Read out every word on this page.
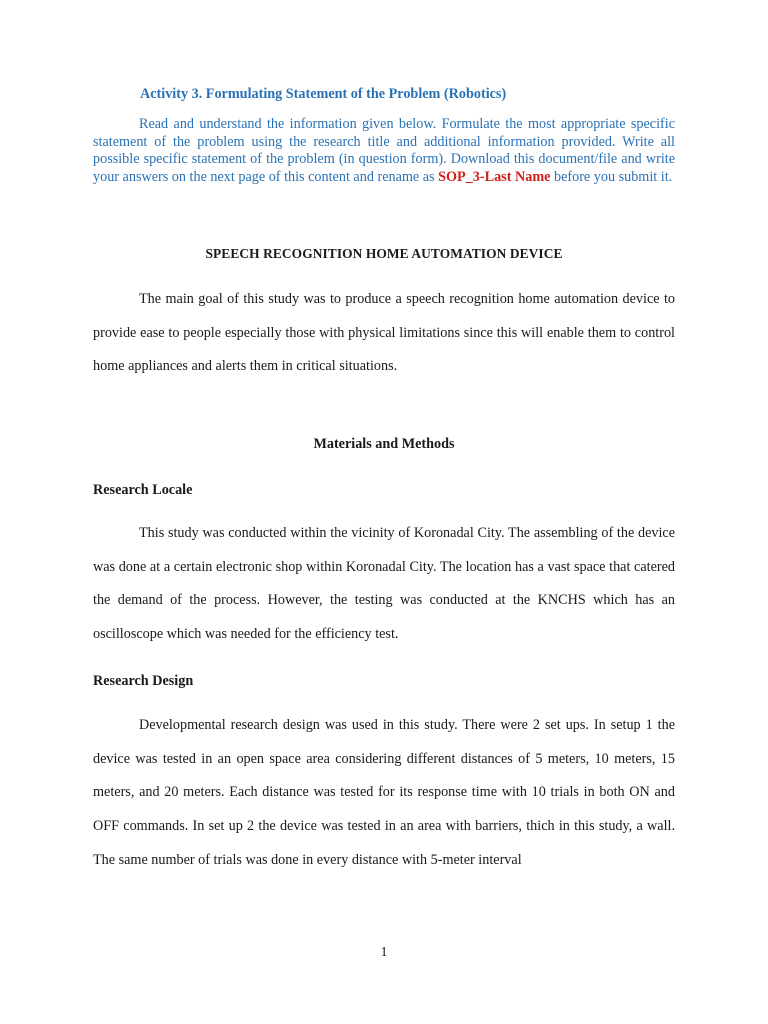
Activity 3. Formulating Statement of the Problem (Robotics)
Read and understand the information given below. Formulate the most appropriate specific statement of the problem using the research title and additional information provided. Write all possible specific statement of the problem (in question form). Download this document/file and write your answers on the next page of this content and rename as SOP_3-Last Name before you submit it.
SPEECH RECOGNITION HOME AUTOMATION DEVICE
The main goal of this study was to produce a speech recognition home automation device to provide ease to people especially those with physical limitations since this will enable them to control home appliances and alerts them in critical situations.
Materials and Methods
Research Locale
This study was conducted within the vicinity of Koronadal City. The assembling of the device was done at a certain electronic shop within Koronadal City. The location has a vast space that catered the demand of the process. However, the testing was conducted at the KNCHS which has an oscilloscope which was needed for the efficiency test.
Research Design
Developmental research design was used in this study. There were 2 set ups. In setup 1 the device was tested in an open space area considering different distances of 5 meters, 10 meters, 15 meters, and 20 meters. Each distance was tested for its response time with 10 trials in both ON and OFF commands. In set up 2 the device was tested in an area with barriers, thich in this study, a wall. The same number of trials was done in every distance with 5-meter interval
1
